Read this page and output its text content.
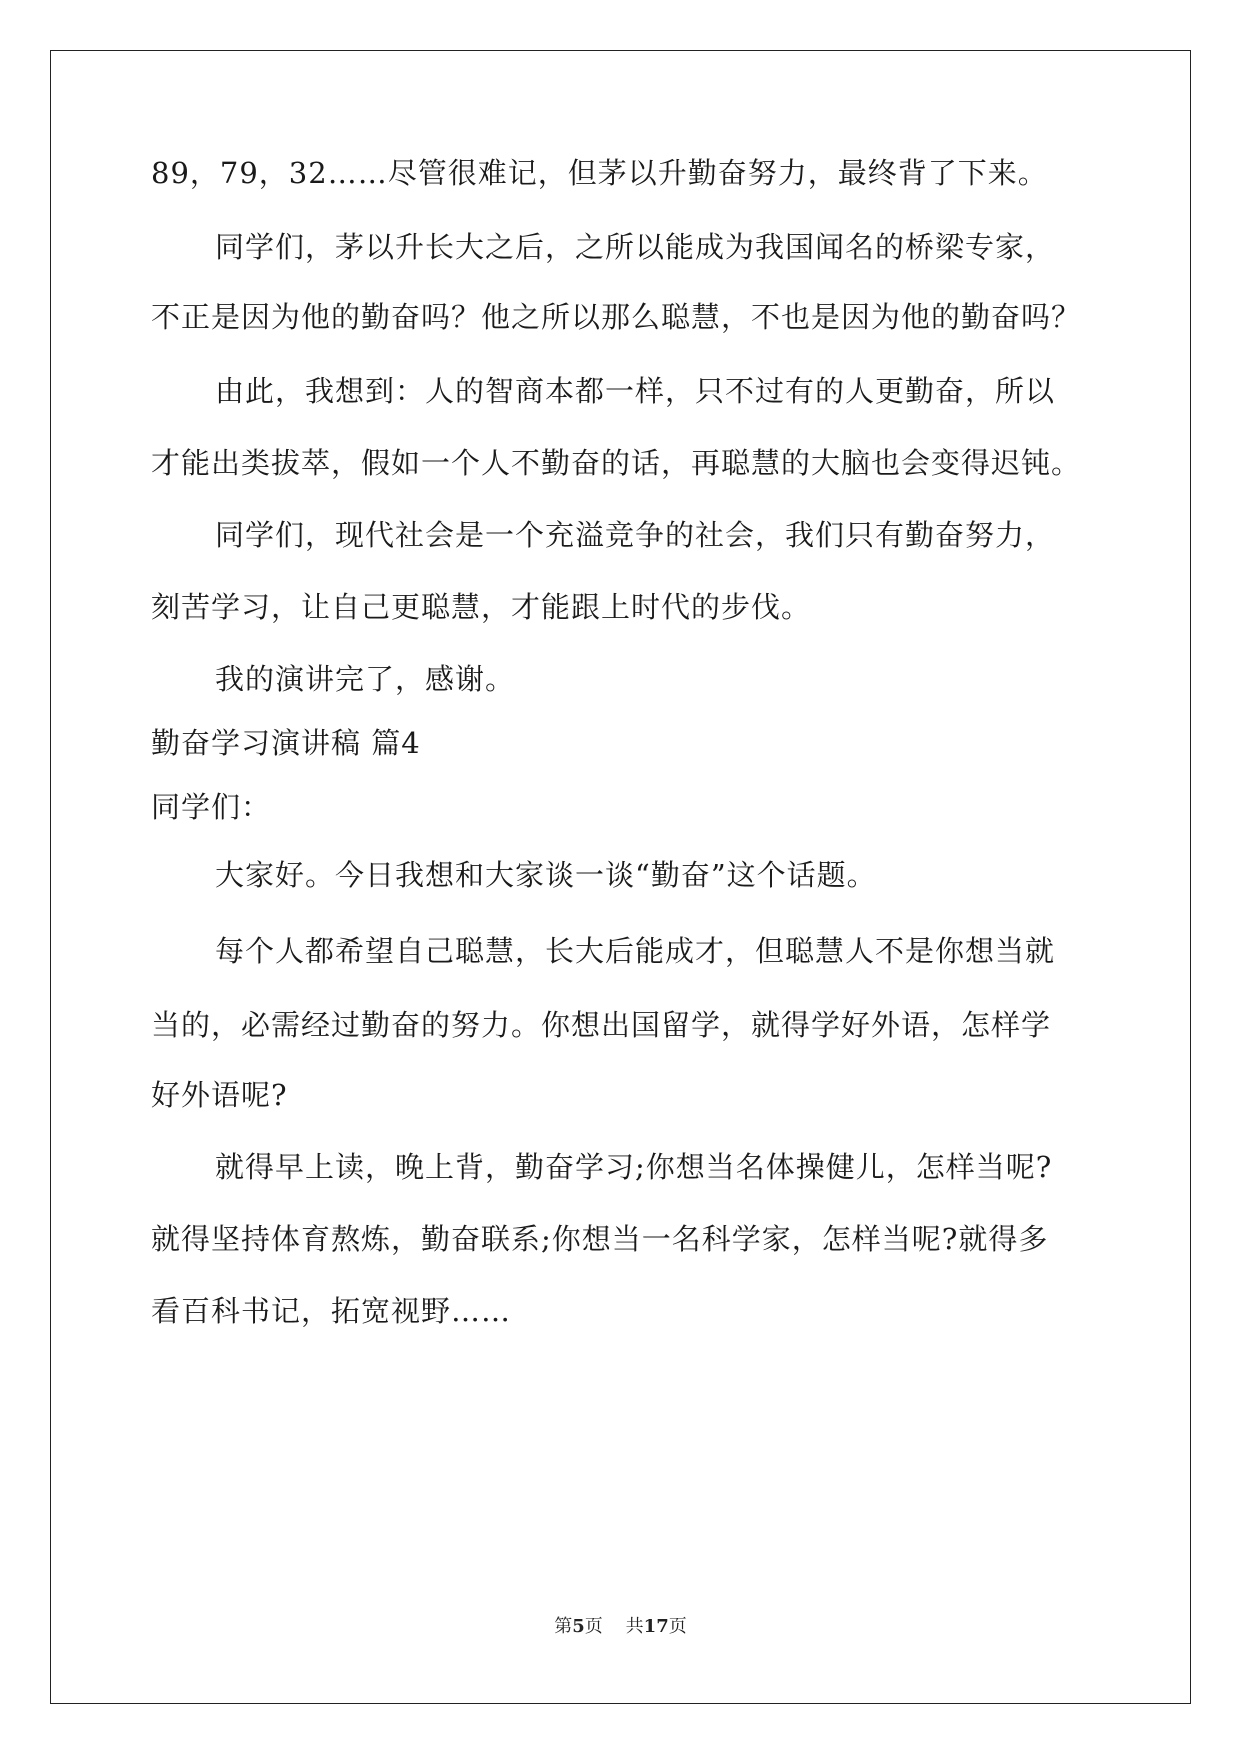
89，79，32……尽管很难记，但茅以升勤奋努力，最终背了下来。
同学们，茅以升长大之后，之所以能成为我国闻名的桥梁专家，
不正是因为他的勤奋吗？他之所以那么聪慧，不也是因为他的勤奋吗？
由此，我想到：人的智商本都一样，只不过有的人更勤奋，所以
才能出类拔萃，假如一个人不勤奋的话，再聪慧的大脑也会变得迟钝。
同学们，现代社会是一个充溢竞争的社会，我们只有勤奋努力，
刻苦学习，让自己更聪慧，才能跟上时代的步伐。
我的演讲完了，感谢。
勤奋学习演讲稿 篇4
同学们：
大家好。今日我想和大家谈一谈“勤奋”这个话题。
每个人都希望自己聪慧，长大后能成才，但聪慧人不是你想当就
当的，必需经过勤奋的努力。你想出国留学，就得学好外语，怎样学
好外语呢?
就得早上读，晚上背，勤奋学习;你想当名体操健儿，怎样当呢?
就得坚持体育熬炼，勤奋联系;你想当一名科学家，怎样当呢?就得多
看百科书记，拓宽视野……
第5页 共17页
